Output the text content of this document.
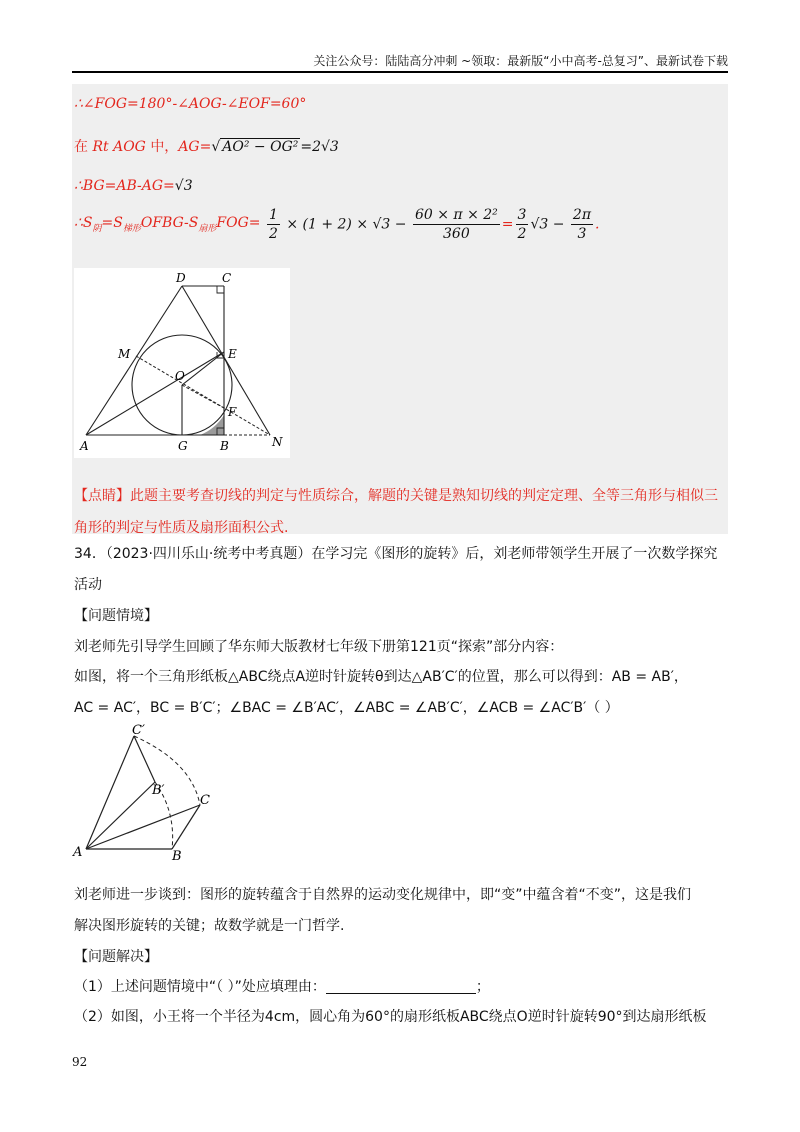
关注公众号：陆陆高分冲刺 ~领取：最新版“小中高考-总复习”、最新试卷下载
∴∠FOG=180°-∠AOG-∠EOF=60°
在 Rt AOG 中，AG=√ AO² − OG² =2√3
∴BG=AB-AG=√3
$\therefore S_阴=S_{梯形}OFBG-S_{扇形}FOG= \frac{1}{2} \times (1 + 2) \times √3 - \frac{\text{60 × π × 2²}}{360} = \frac{3}{2} √3 - \frac{2\pi}{3}$ .
D	C
M	E
O
F
A	G	B	N
【点睛】此题主要考查切线的判定与性质综合，解题的关键是熟知切线的判定定理、全等三角形与相似三角形的判定与性质及扇形面积公式.
34．（2023·四川乐山·统考中考真题）在学习完《图形的旋转》后，刘老师带领学生开展了一次数学探究
活动
【问题情境】
刘老师先引导学生回顾了华东师大版教材七年级下册第121页“探索”部分内容：
如图，将一个三角形纸板△ABC绕点A逆时针旋转θ到达△AB′C′的位置，那么可以得到：AB = AB′，
AC = AC′，BC = B′C′；∠BAC = ∠B′AC′，∠ABC = ∠AB′C′，∠ACB = ∠AC′B′（ ）
C′
B′
C
A	B
刘老师进一步谈到：图形的旋转蕴含于自然界的运动变化规律中，即“变”中蕴含着“不变”，这是我们
解决图形旋转的关键；故数学就是一门哲学.
【问题解决】
（1）上述问题情境中“（ ）”处应填理由：	；
（2）如图，小王将一个半径为4cm，圆心角为60°的扇形纸板ABC绕点O逆时针旋转90°到达扇形纸板
92
